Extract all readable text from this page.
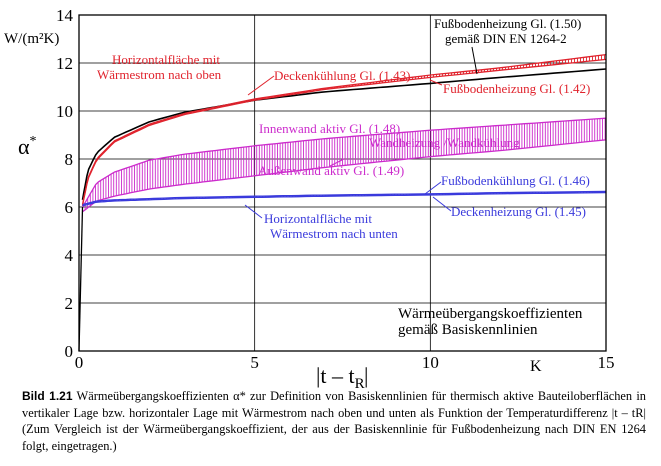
0
2
4
6
8
10
12
14
0	5	10	15
W/(m²K)
α*
$|t - t_R$ |	K
Fußbodenheizung Gl. (1.50)
gemäß DIN EN 1264-2
Horizontalfläche mit
Wärmestrom nach oben	Deckenkühlung Gl. (1.43)
Fußbodenheizung Gl. (1.42)
Innenwand aktiv Gl. (1.48)
Wandheizung /Wandkühlung
Außenwand aktiv Gl. (1.49)
Fußbodenkühlung Gl. (1.46)
Deckenheizung Gl. (1.45)
Horizontalfläche mit
Wärmestrom nach unten
Wärmeübergangskoeffizienten
gemäß Basiskennlinien
Bild 1.21 Wärmeübergangskoeffizienten α* zur Definition von Basiskennlinien für thermisch aktive Bauteiloberflächen in vertikaler Lage bzw. horizontaler Lage mit Wärmestrom nach oben und unten als Funktion der Temperaturdifferenz |t – tR| (Zum Vergleich ist der Wärmeübergangskoeffizient, der aus der Basiskennlinie für Fußbodenheizung nach DIN EN 1264 folgt, eingetragen.)
